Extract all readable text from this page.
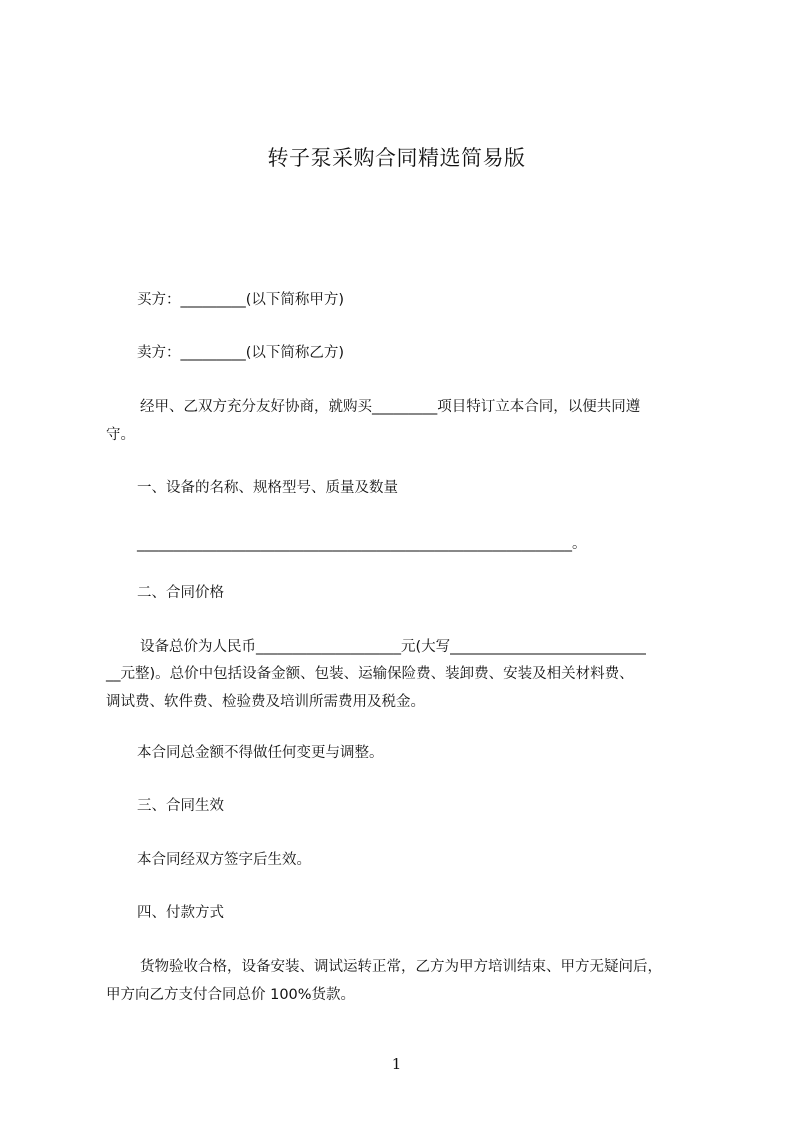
转子泵采购合同精选简易版

买方：_________(以下简称甲方)

卖方：_________(以下简称乙方)

经甲、乙双方充分友好协商，就购买_________项目特订立本合同，以便共同遵

守。

一、设备的名称、规格型号、质量及数量

____________________________________________________________。

二、合同价格

设备总价为人民币____________________元(大写___________________________

__元整)。总价中包括设备金额、包装、运输保险费、装卸费、安装及相关材料费、

调试费、软件费、检验费及培训所需费用及税金。

本合同总金额不得做任何变更与调整。

三、合同生效

本合同经双方签字后生效。

四、付款方式

货物验收合格，设备安装、调试运转正常，乙方为甲方培训结束、甲方无疑问后，

甲方向乙方支付合同总价 100%货款。

1
